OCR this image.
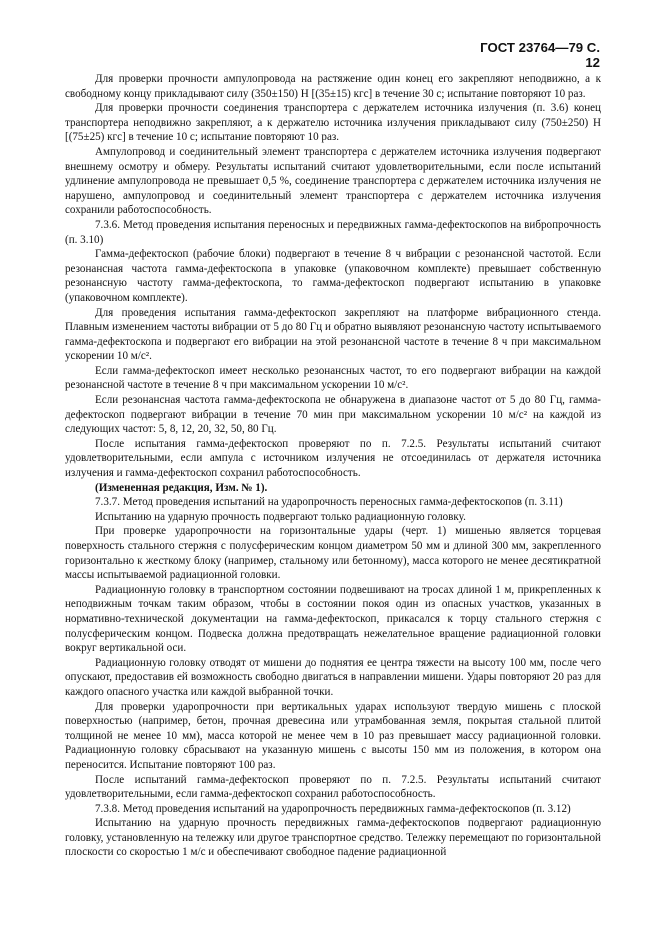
ГОСТ 23764—79 С. 12

Для проверки прочности ампулопровода на растяжение один конец его закрепляют неподвижно, а к свободному концу прикладывают силу (350±150) Н [(35±15) кгс] в течение 30 с; испытание повторяют 10 раз.

Для проверки прочности соединения транспортера с держателем источника излучения (п. 3.6) конец транспортера неподвижно закрепляют, а к держателю источника излучения прикладывают силу (750±250) Н [(75±25) кгс] в течение 10 с; испытание повторяют 10 раз.

Ампулопровод и соединительный элемент транспортера с держателем источника излучения подвергают внешнему осмотру и обмеру. Результаты испытаний считают удовлетворительными, если после испытаний удлинение ампулопровода не превышает 0,5 %, соединение транспортера с держателем источника излучения не нарушено, ампулопровод и соединительный элемент транспортера с держателем источника излучения сохранили работоспособность.

7.3.6. Метод проведения испытания переносных и передвижных гамма-дефектоскопов на вибропрочность (п. 3.10)

Гамма-дефектоскоп (рабочие блоки) подвергают в течение 8 ч вибрации с резонансной частотой. Если резонансная частота гамма-дефектоскопа в упаковке (упаковочном комплекте) превышает собственную резонансную частоту гамма-дефектоскопа, то гамма-дефектоскоп подвергают испытанию в упаковке (упаковочном комплекте).

Для проведения испытания гамма-дефектоскоп закрепляют на платформе вибрационного стенда. Плавным изменением частоты вибрации от 5 до 80 Гц и обратно выявляют резонансную частоту испытываемого гамма-дефектоскопа и подвергают его вибрации на этой резонансной частоте в течение 8 ч при максимальном ускорении 10 м/с².

Если гамма-дефектоскоп имеет несколько резонансных частот, то его подвергают вибрации на каждой резонансной частоте в течение 8 ч при максимальном ускорении 10 м/с².

Если резонансная частота гамма-дефектоскопа не обнаружена в диапазоне частот от 5 до 80 Гц, гамма-дефектоскоп подвергают вибрации в течение 70 мин при максимальном ускорении 10 м/с² на каждой из следующих частот: 5, 8, 12, 20, 32, 50, 80 Гц.

После испытания гамма-дефектоскоп проверяют по п. 7.2.5. Результаты испытаний считают удовлетворительными, если ампула с источником излучения не отсоединилась от держателя источника излучения и гамма-дефектоскоп сохранил работоспособность.

(Измененная редакция, Изм. № 1).

7.3.7. Метод проведения испытаний на ударопрочность переносных гамма-дефектоскопов (п. 3.11)

Испытанию на ударную прочность подвергают только радиационную головку.

При проверке ударопрочности на горизонтальные удары (черт. 1) мишенью является торцевая поверхность стального стержня с полусферическим концом диаметром 50 мм и длиной 300 мм, закрепленного горизонтально к жесткому блоку (например, стальному или бетонному), масса которого не менее десятикратной массы испытываемой радиационной головки.

Радиационную головку в транспортном состоянии подвешивают на тросах длиной 1 м, прикрепленных к неподвижным точкам таким образом, чтобы в состоянии покоя один из опасных участков, указанных в нормативно-технической документации на гамма-дефектоскоп, прикасался к торцу стального стержня с полусферическим концом. Подвеска должна предотвращать нежелательное вращение радиационной головки вокруг вертикальной оси.

Радиационную головку отводят от мишени до поднятия ее центра тяжести на высоту 100 мм, после чего опускают, предоставив ей возможность свободно двигаться в направлении мишени. Удары повторяют 20 раз для каждого опасного участка или каждой выбранной точки.

Для проверки ударопрочности при вертикальных ударах используют твердую мишень с плоской поверхностью (например, бетон, прочная древесина или утрамбованная земля, покрытая стальной плитой толщиной не менее 10 мм), масса которой не менее чем в 10 раз превышает массу радиационной головки. Радиационную головку сбрасывают на указанную мишень с высоты 150 мм из положения, в котором она переносится. Испытание повторяют 100 раз.

После испытаний гамма-дефектоскоп проверяют по п. 7.2.5. Результаты испытаний считают удовлетворительными, если гамма-дефектоскоп сохранил работоспособность.

7.3.8. Метод проведения испытаний на ударопрочность передвижных гамма-дефектоскопов (п. 3.12)

Испытанию на ударную прочность передвижных гамма-дефектоскопов подвергают радиационную головку, установленную на тележку или другое транспортное средство. Тележку перемещают по горизонтальной плоскости со скоростью 1 м/с и обеспечивают свободное падение радиационной
